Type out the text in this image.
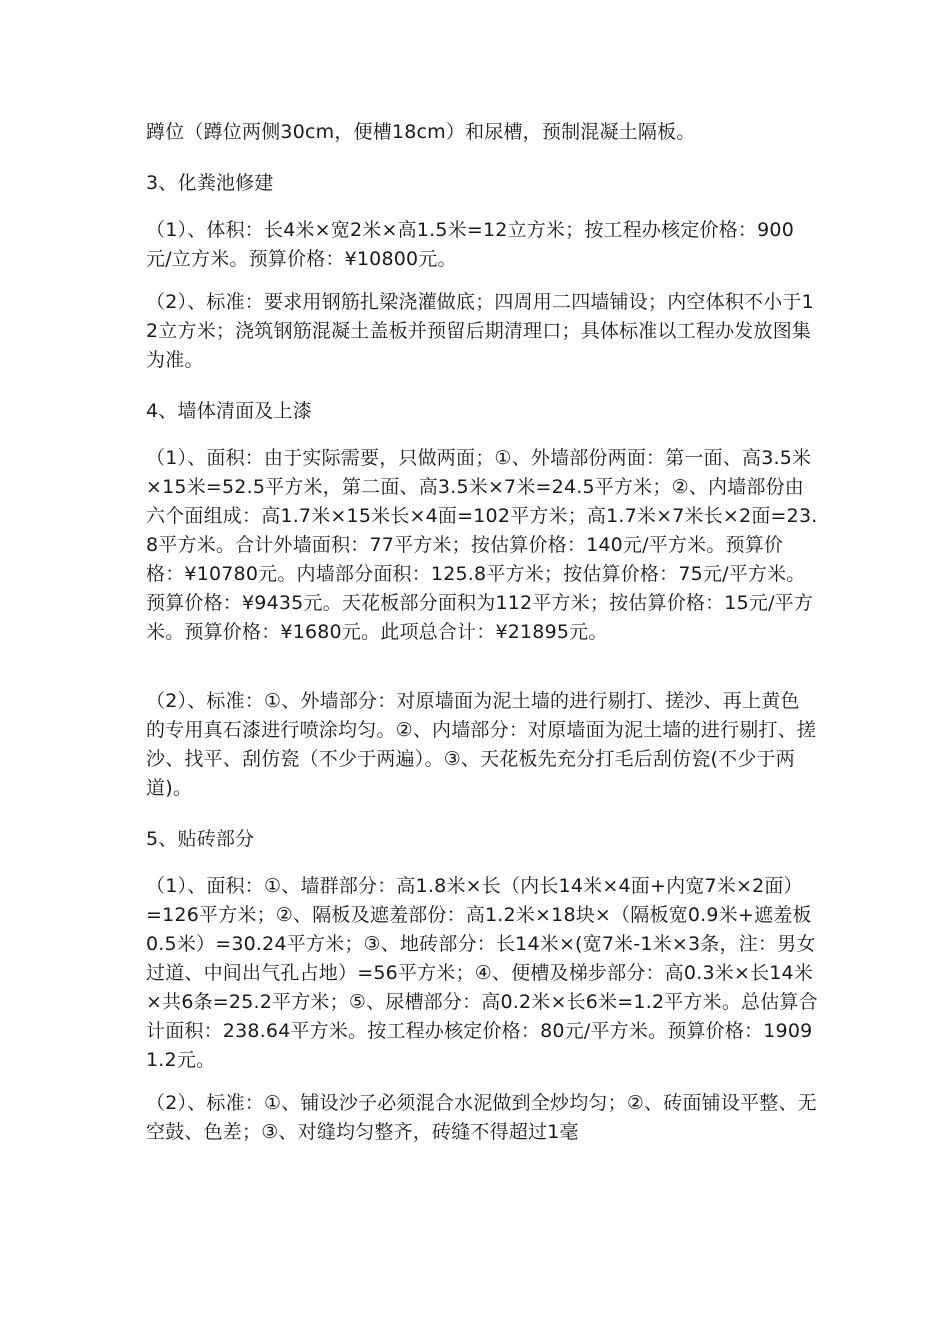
蹲位（蹲位两侧30cm，便槽18cm）和尿槽，预制混凝土隔板。

3、化粪池修建

（1）、体积：长4米×宽2米×高1.5米=12立方米；按工程办核定价格：900元/立方米。预算价格：¥10800元。

（2）、标准：要求用钢筋扎梁浇灌做底；四周用二四墙铺设；内空体积不小于12立方米；浇筑钢筋混凝土盖板并预留后期清理口；具体标准以工程办发放图集为准。

4、墙体清面及上漆

（1）、面积：由于实际需要，只做两面；①、外墙部份两面：第一面、高3.5米×15米=52.5平方米，第二面、高3.5米×7米=24.5平方米；②、内墙部份由六个面组成：高1.7米×15米长×4面=102平方米；高1.7米×7米长×2面=23.8平方米。合计外墙面积：77平方米；按估算价格：140元/平方米。预算价格：¥10780元。内墙部分面积：125.8平方米；按估算价格：75元/平方米。预算价格：¥9435元。天花板部分面积为112平方米；按估算价格：15元/平方米。预算价格：¥1680元。此项总合计：¥21895元。

（2）、标准：①、外墙部分：对原墙面为泥土墙的进行剔打、搓沙、再上黄色的专用真石漆进行喷涂均匀。②、内墙部分：对原墙面为泥土墙的进行剔打、搓沙、找平、刮仿瓷（不少于两遍）。③、天花板先充分打毛后刮仿瓷(不少于两道)。

5、贴砖部分

（1）、面积：①、墙群部分：高1.8米×长（内长14米×4面+内宽7米×2面）=126平方米；②、隔板及遮羞部份：高1.2米×18块×（隔板宽0.9米+遮羞板0.5米）=30.24平方米；③、地砖部分：长14米×(宽7米-1米×3条，注：男女过道、中间出气孔占地）=56平方米；④、便槽及梯步部分：高0.3米×长14米×共6条=25.2平方米；⑤、尿槽部分：高0.2米×长6米=1.2平方米。总估算合计面积：238.64平方米。按工程办核定价格：80元/平方米。预算价格：19091.2元。

（2）、标准：①、铺设沙子必须混合水泥做到全炒均匀；②、砖面铺设平整、无空鼓、色差；③、对缝均匀整齐，砖缝不得超过1毫
